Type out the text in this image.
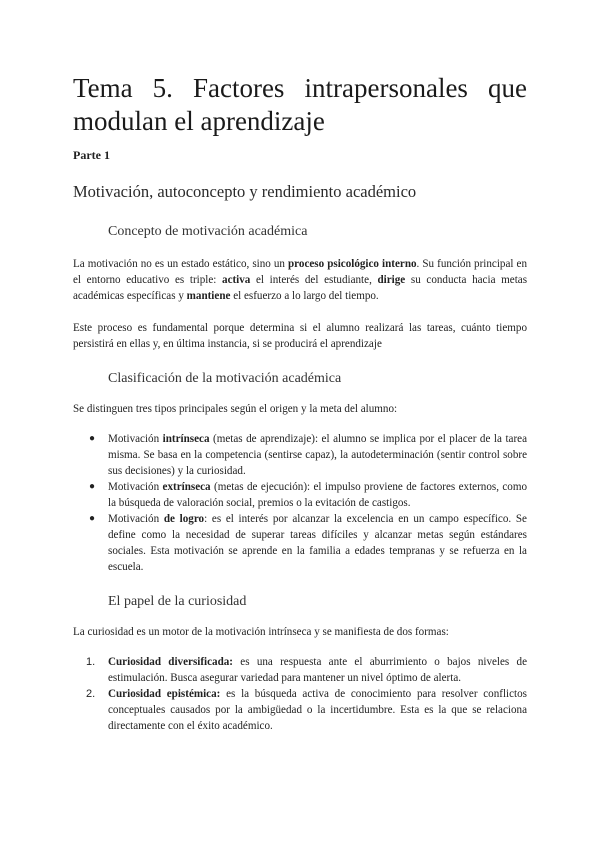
Tema 5. Factores intrapersonales que
modulan el aprendizaje
Parte 1
Motivación, autoconcepto y rendimiento académico
Concepto de motivación académica

La motivación no es un estado estático, sino un proceso psicológico interno. Su función principal en el entorno educativo es triple: activa el interés del estudiante, dirige su conducta hacia metas académicas específicas y mantiene el esfuerzo a lo largo del tiempo.

Este proceso es fundamental porque determina si el alumno realizará las tareas, cuánto tiempo persistirá en ellas y, en última instancia, si se producirá el aprendizaje

Clasificación de la motivación académica

Se distinguen tres tipos principales según el origen y la meta del alumno:

● Motivación intrínseca (metas de aprendizaje): el alumno se implica por el placer de la tarea misma. Se basa en la competencia (sentirse capaz), la autodeterminación (sentir control sobre sus decisiones) y la curiosidad.
● Motivación extrínseca (metas de ejecución): el impulso proviene de factores externos, como la búsqueda de valoración social, premios o la evitación de castigos.
● Motivación de logro: es el interés por alcanzar la excelencia en un campo específico. Se define como la necesidad de superar tareas difíciles y alcanzar metas según estándares sociales. Esta motivación se aprende en la familia a edades tempranas y se refuerza en la escuela.
El papel de la curiosidad

La curiosidad es un motor de la motivación intrínseca y se manifiesta de dos formas:

1. Curiosidad diversificada: es una respuesta ante el aburrimiento o bajos niveles de estimulación. Busca asegurar variedad para mantener un nivel óptimo de alerta.
2. Curiosidad epistémica: es la búsqueda activa de conocimiento para resolver conflictos conceptuales causados por la ambigüedad o la incertidumbre. Esta es la que se relaciona directamente con el éxito académico.
